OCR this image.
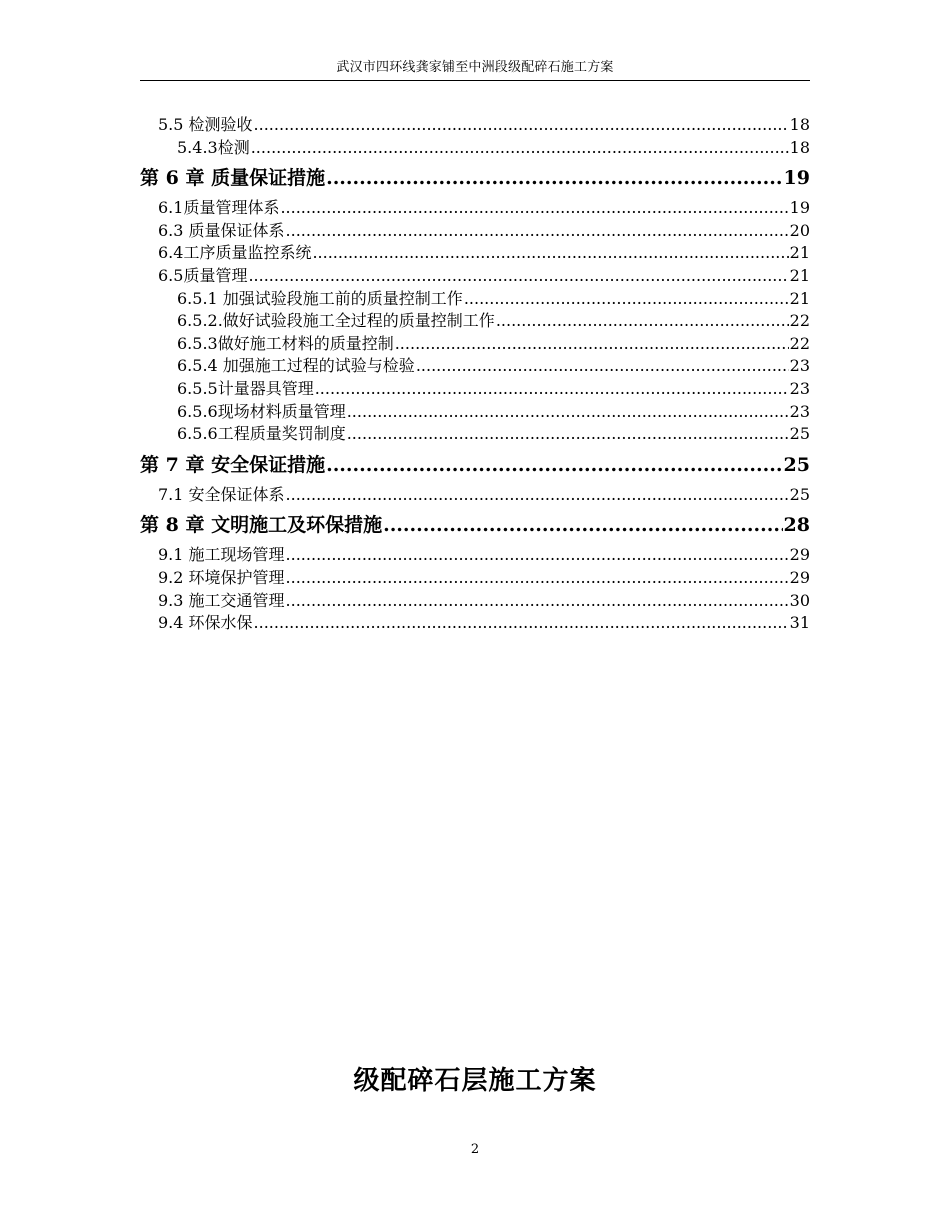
武汉市四环线龚家铺至中洲段级配碎石施工方案
5.5 检测验收 .....	18
5.4.3检测 .....	18
第 6 章 质量保证措施 .....	19
6.1质量管理体系 .....	19
6.3 质量保证体系 .....	20
6.4工序质量监控系统 .....	21
6.5质量管理 .....	21
6.5.1 加强试验段施工前的质量控制工作 .....	21
6.5.2.做好试验段施工全过程的质量控制工作 .....	22
6.5.3做好施工材料的质量控制 .....	22
6.5.4 加强施工过程的试验与检验 .....	23
6.5.5计量器具管理 .....	23
6.5.6现场材料质量管理 .....	23
6.5.6工程质量奖罚制度 .....	25
第 7 章 安全保证措施 .....	25
7.1 安全保证体系 .....	25
第 8 章 文明施工及环保措施 .....	28
9.1 施工现场管理 .....	29
9.2 环境保护管理 .....	29
9.3 施工交通管理 .....	30
9.4 环保水保 .....	31
级配碎石层施工方案
2
